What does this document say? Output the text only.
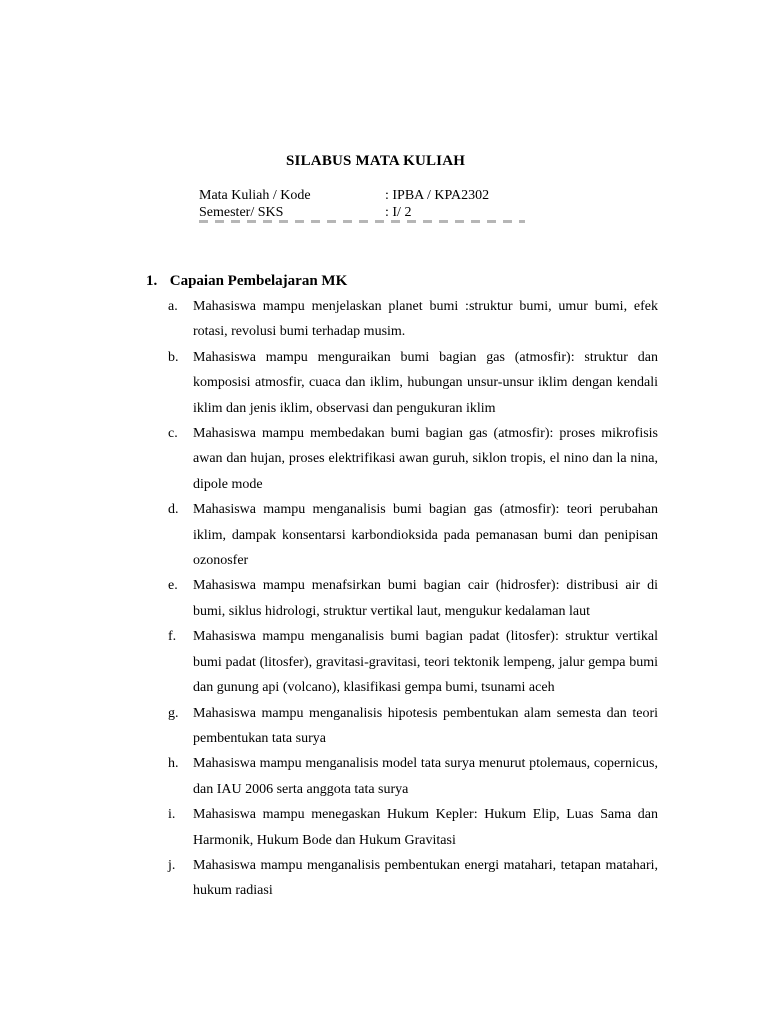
SILABUS MATA KULIAH
Mata Kuliah / Kode	: IPBA / KPA2302
Semester/ SKS	: I/ 2
1. Capaian Pembelajaran MK
a. Mahasiswa mampu menjelaskan planet bumi :struktur bumi, umur bumi, efek rotasi, revolusi bumi terhadap musim.
b. Mahasiswa mampu menguraikan bumi bagian gas (atmosfir): struktur dan komposisi atmosfir, cuaca dan iklim, hubungan unsur-unsur iklim dengan kendali iklim dan jenis iklim, observasi dan pengukuran iklim
c. Mahasiswa mampu membedakan bumi bagian gas (atmosfir): proses mikrofisis awan dan hujan, proses elektrifikasi awan guruh, siklon tropis, el nino dan la nina, dipole mode
d. Mahasiswa mampu menganalisis bumi bagian gas (atmosfir): teori perubahan iklim, dampak konsentarsi karbondioksida pada pemanasan bumi dan penipisan ozonosfer
e. Mahasiswa mampu menafsirkan bumi bagian cair (hidrosfer): distribusi air di bumi, siklus hidrologi, struktur vertikal laut, mengukur kedalaman laut
f. Mahasiswa mampu menganalisis bumi bagian padat (litosfer): struktur vertikal bumi padat (litosfer), gravitasi-gravitasi, teori tektonik lempeng, jalur gempa bumi dan gunung api (volcano), klasifikasi gempa bumi, tsunami aceh
g. Mahasiswa mampu menganalisis hipotesis pembentukan alam semesta dan teori pembentukan tata surya
h. Mahasiswa mampu menganalisis model tata surya menurut ptolemaus, copernicus, dan IAU 2006 serta anggota tata surya
i. Mahasiswa mampu menegaskan Hukum Kepler: Hukum Elip, Luas Sama dan Harmonik, Hukum Bode dan Hukum Gravitasi
j. Mahasiswa mampu menganalisis pembentukan energi matahari, tetapan matahari, hukum radiasi
